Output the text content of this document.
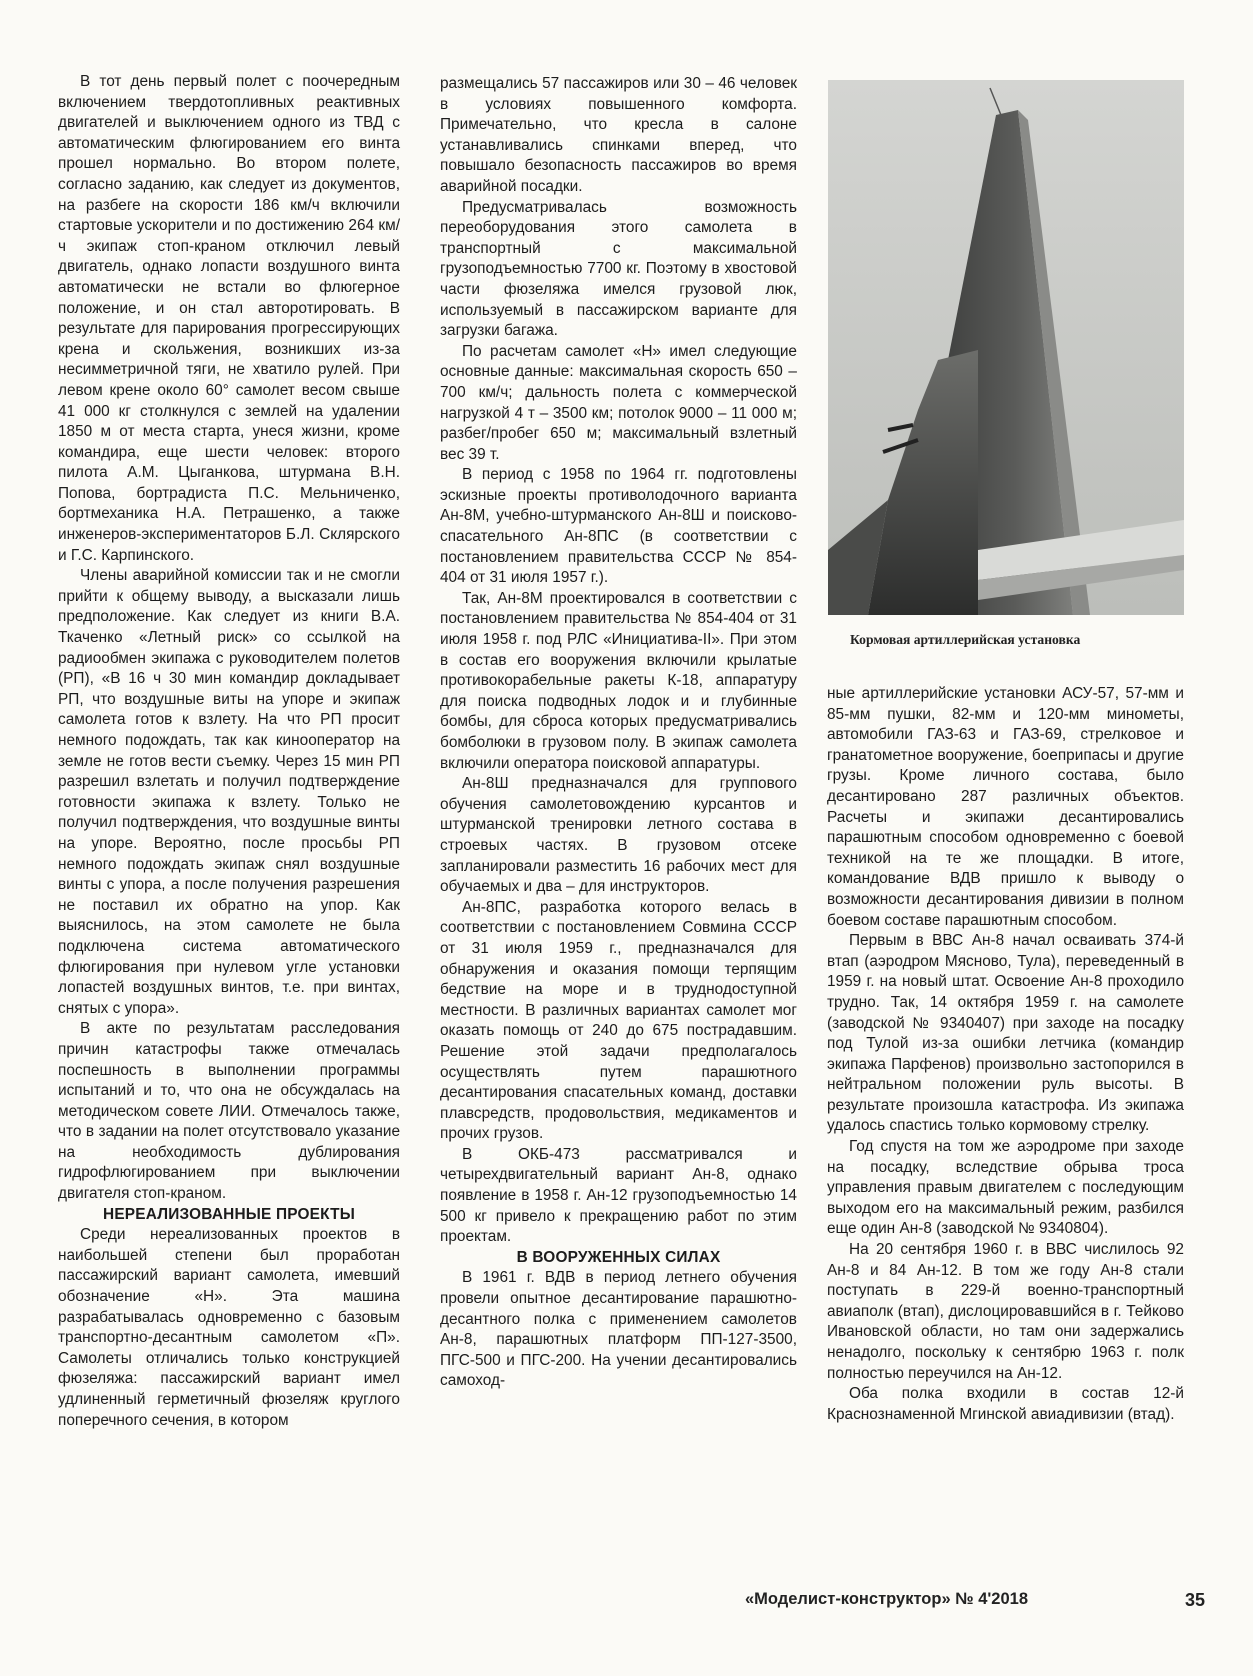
В тот день первый полет с поочередным включением твердотопливных реактивных двигателей и выключением одного из ТВД с автоматическим флюгированием его винта прошел нормально. Во втором полете, согласно заданию, как следует из документов, на разбеге на скорости 186 км/ч включили стартовые ускорители и по достижению 264 км/ч экипаж стоп-краном отключил левый двигатель, однако лопасти воздушного винта автоматически не встали во флюгерное положение, и он стал авторотировать. В результате для парирования прогрессирующих крена и скольжения, возникших из-за несимметричной тяги, не хватило рулей. При левом крене около 60° самолет весом свыше 41 000 кг столкнулся с землей на удалении 1850 м от места старта, унеся жизни, кроме командира, еще шести человек: второго пилота А.М. Цыганкова, штурмана В.Н. Попова, бортрадиста П.С. Мельниченко, бортмеханика Н.А. Петрашенко, а также инженеров-экспериментаторов Б.Л. Склярского и Г.С. Карпинского.

Члены аварийной комиссии так и не смогли прийти к общему выводу, а высказали лишь предположение. Как следует из книги В.А. Ткаченко «Летный риск» со ссылкой на радиообмен экипажа с руководителем полетов (РП), «В 16 ч 30 мин командир докладывает РП, что воздушные виты на упоре и экипаж самолета готов к взлету. На что РП просит немного подождать, так как кинооператор на земле не готов вести съемку. Через 15 мин РП разрешил взлетать и получил подтверждение готовности экипажа к взлету. Только не получил подтверждения, что воздушные винты на упоре. Вероятно, после просьбы РП немного подождать экипаж снял воздушные винты с упора, а после получения разрешения не поставил их обратно на упор. Как выяснилось, на этом самолете не была подключена система автоматического флюгирования при нулевом угле установки лопастей воздушных винтов, т.е. при винтах, снятых с упора».

В акте по результатам расследования причин катастрофы также отмечалась поспешность в выполнении программы испытаний и то, что она не обсуждалась на методическом совете ЛИИ. Отмечалось также, что в задании на полет отсутствовало указание на необходимость дублирования гидрофлюгированием при выключении двигателя стоп-краном.

НЕРЕАЛИЗОВАННЫЕ ПРОЕКТЫ

Среди нереализованных проектов в наибольшей степени был проработан пассажирский вариант самолета, имевший обозначение «Н». Эта машина разрабатывалась одновременно с базовым транспортно-десантным самолетом «П». Самолеты отличались только конструкцией фюзеляжа: пассажирский вариант имел удлиненный герметичный фюзеляж круглого поперечного сечения, в котором

размещались 57 пассажиров или 30 – 46 человек в условиях повышенного комфорта. Примечательно, что кресла в салоне устанавливались спинками вперед, что повышало безопасность пассажиров во время аварийной посадки.

Предусматривалась возможность переоборудования этого самолета в транспортный с максимальной грузоподъемностью 7700 кг. Поэтому в хвостовой части фюзеляжа имелся грузовой люк, используемый в пассажирском варианте для загрузки багажа.

По расчетам самолет «Н» имел следующие основные данные: максимальная скорость 650 – 700 км/ч; дальность полета с коммерческой нагрузкой 4 т – 3500 км; потолок 9000 – 11 000 м; разбег/пробег 650 м; максимальный взлетный вес 39 т.

В период с 1958 по 1964 гг. подготовлены эскизные проекты противолодочного варианта Ан-8М, учебно-штурманского Ан-8Ш и поисково-спасательного Ан-8ПС (в соответствии с постановлением правительства СССР № 854-404 от 31 июля 1957 г.).

Так, Ан-8М проектировался в соответствии с постановлением правительства № 854-404 от 31 июля 1958 г. под РЛС «Инициатива-II». При этом в состав его вооружения включили крылатые противокорабельные ракеты К-18, аппаратуру для поиска подводных лодок и и глубинные бомбы, для сброса которых предусматривались бомболюки в грузовом полу. В экипаж самолета включили оператора поисковой аппаратуры.

Ан-8Ш предназначался для группового обучения самолетовождению курсантов и штурманской тренировки летного состава в строевых частях. В грузовом отсеке запланировали разместить 16 рабочих мест для обучаемых и два – для инструкторов.

Ан-8ПС, разработка которого велась в соответствии с постановлением Совмина СССР от 31 июля 1959 г., предназначался для обнаружения и оказания помощи терпящим бедствие на море и в труднодоступной местности. В различных вариантах самолет мог оказать помощь от 240 до 675 пострадавшим. Решение этой задачи предполагалось осуществлять путем парашютного десантирования спасательных команд, доставки плавсредств, продовольствия, медикаментов и прочих грузов.

В ОКБ-473 рассматривался и четырехдвигательный вариант Ан-8, однако появление в 1958 г. Ан-12 грузоподъемностью 14 500 кг привело к прекращению работ по этим проектам.

В ВООРУЖЕННЫХ СИЛАХ

В 1961 г. ВДВ в период летнего обучения провели опытное десантирование парашютно-десантного полка с применением самолетов Ан-8, парашютных платформ ПП-127-3500, ПГС-500 и ПГС-200. На учении десантировались самоход-

Кормовая артиллерийская установка

ные артиллерийские установки АСУ-57, 57-мм и 85-мм пушки, 82-мм и 120-мм минометы, автомобили ГАЗ-63 и ГАЗ-69, стрелковое и гранатометное вооружение, боеприпасы и другие грузы. Кроме личного состава, было десантировано 287 различных объектов. Расчеты и экипажи десантировались парашютным способом одновременно с боевой техникой на те же площадки. В итоге, командование ВДВ пришло к выводу о возможности десантирования дивизии в полном боевом составе парашютным способом.

Первым в ВВС Ан-8 начал осваивать 374-й втап (аэродром Мясново, Тула), переведенный в 1959 г. на новый штат. Освоение Ан-8 проходило трудно. Так, 14 октября 1959 г. на самолете (заводской № 9340407) при заходе на посадку под Тулой из-за ошибки летчика (командир экипажа Парфенов) произвольно застопорился в нейтральном положении руль высоты. В результате произошла катастрофа. Из экипажа удалось спастись только кормовому стрелку.

Год спустя на том же аэродроме при заходе на посадку, вследствие обрыва троса управления правым двигателем с последующим выходом его на максимальный режим, разбился еще один Ан-8 (заводской № 9340804).

На 20 сентября 1960 г. в ВВС числилось 92 Ан-8 и 84 Ан-12. В том же году Ан-8 стали поступать в 229-й военно-транспортный авиаполк (втап), дислоцировавшийся в г. Тейково Ивановской области, но там они задержались ненадолго, поскольку к сентябрю 1963 г. полк полностью переучился на Ан-12.

Оба полка входили в состав 12-й Краснознаменной Мгинской авиадивизии (втад).

«Моделист-конструктор» № 4'2018	35
